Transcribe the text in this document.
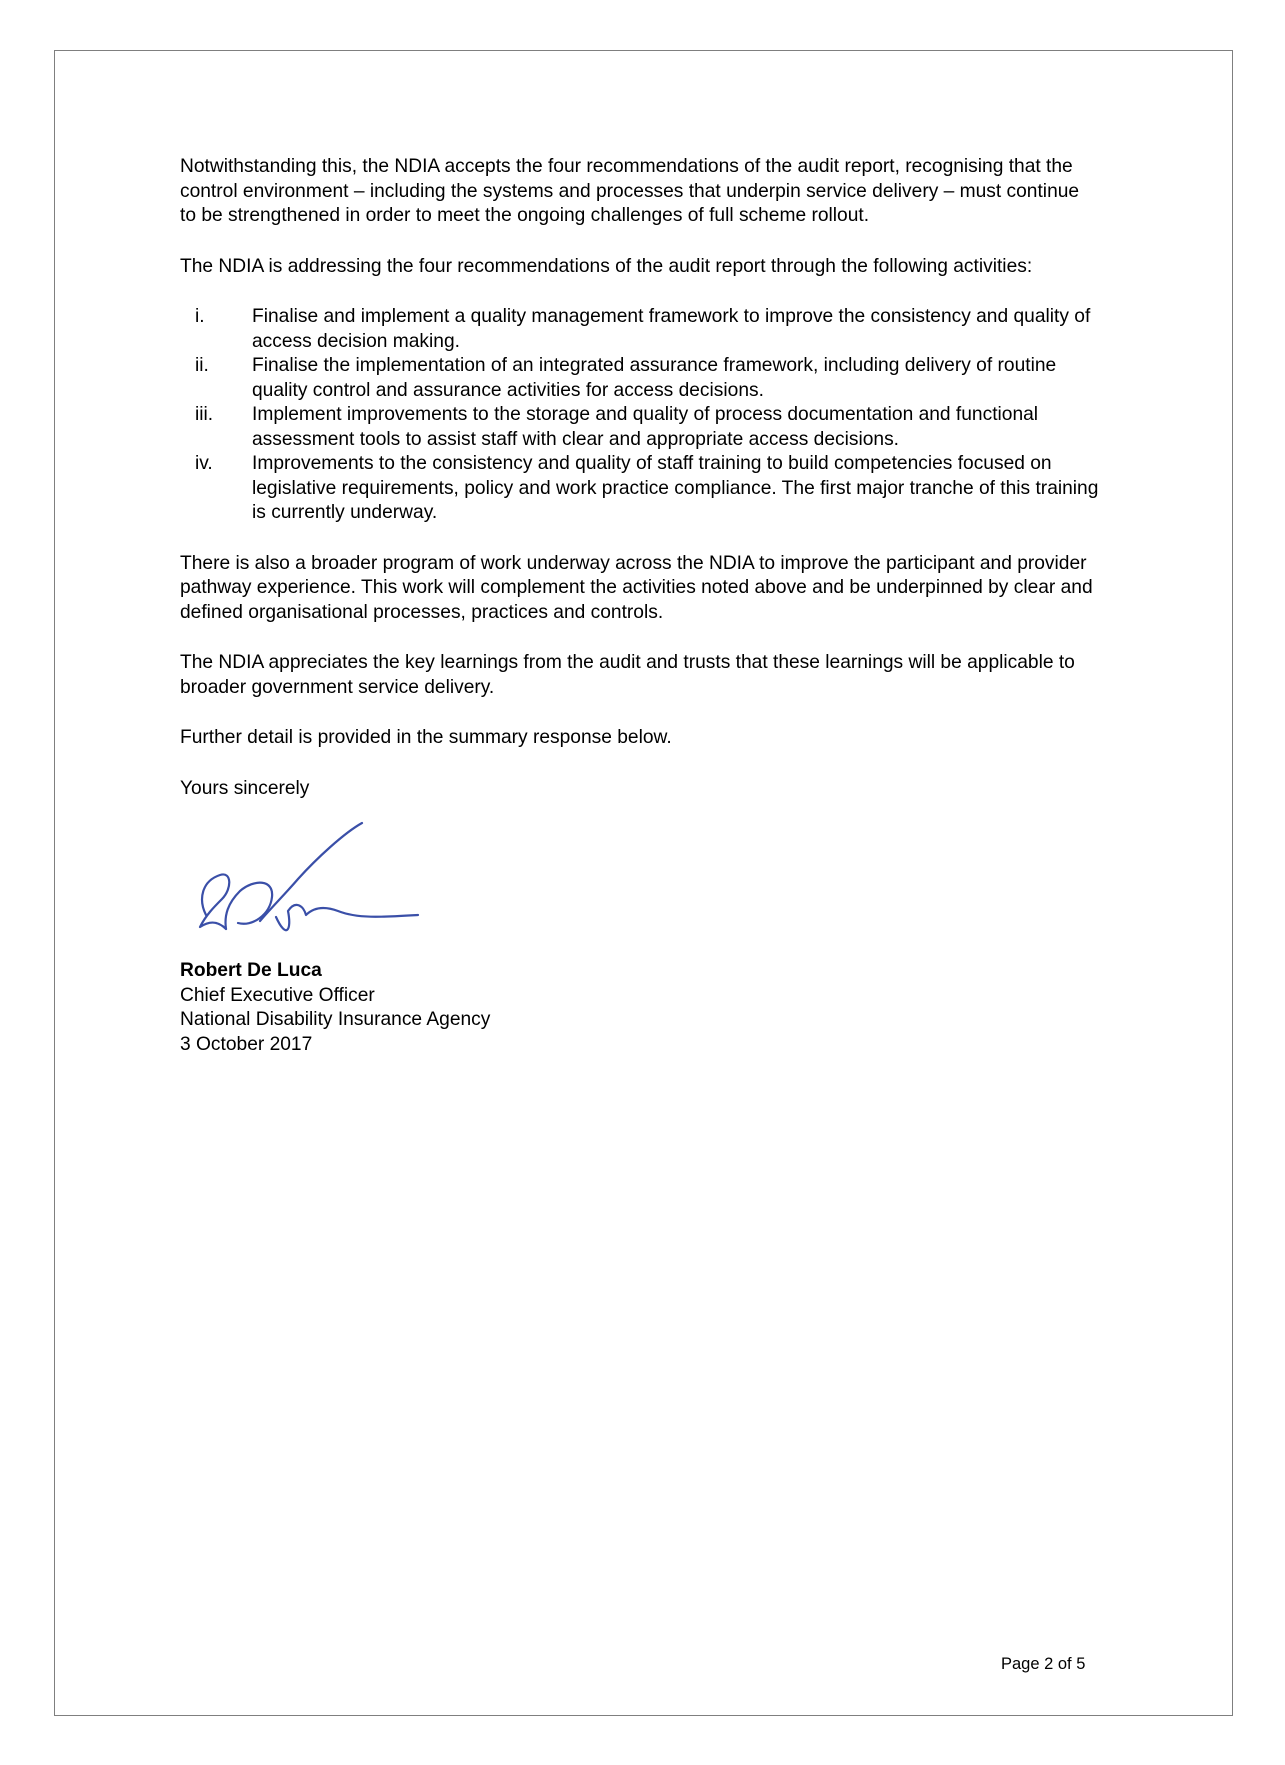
Notwithstanding this, the NDIA accepts the four recommendations of the audit report, recognising that the control environment – including the systems and processes that underpin service delivery – must continue to be strengthened in order to meet the ongoing challenges of full scheme rollout.

The NDIA is addressing the four recommendations of the audit report through the following activities:

i. Finalise and implement a quality management framework to improve the consistency and quality of access decision making.
ii. Finalise the implementation of an integrated assurance framework, including delivery of routine quality control and assurance activities for access decisions.
iii. Implement improvements to the storage and quality of process documentation and functional assessment tools to assist staff with clear and appropriate access decisions.
iv. Improvements to the consistency and quality of staff training to build competencies focused on legislative requirements, policy and work practice compliance. The first major tranche of this training is currently underway.

There is also a broader program of work underway across the NDIA to improve the participant and provider pathway experience. This work will complement the activities noted above and be underpinned by clear and defined organisational processes, practices and controls.

The NDIA appreciates the key learnings from the audit and trusts that these learnings will be applicable to broader government service delivery.

Further detail is provided in the summary response below.

Yours sincerely

Robert De Luca

Chief Executive Officer

National Disability Insurance Agency

3 October 2017

Page 2 of 5
